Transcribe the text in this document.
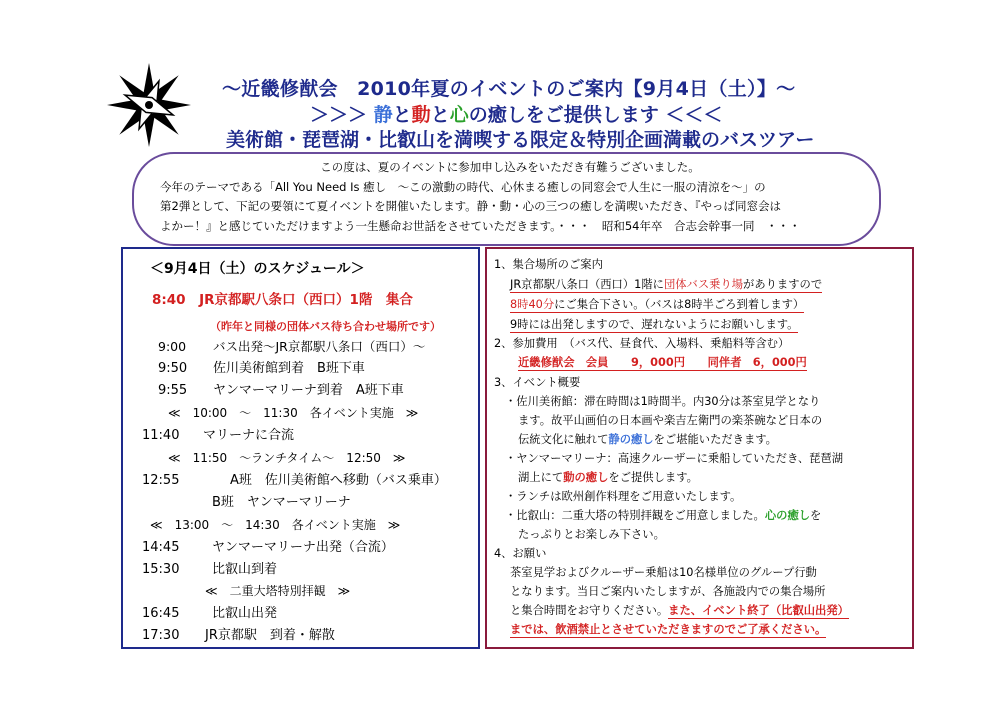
～近畿修猷会　2010年夏のイベントのご案内【9月4日（土）】～
＞＞＞ 静と動と心の癒しをご提供します ＜＜＜
美術館・琵琶湖・比叡山を満喫する限定＆特別企画満載のバスツアー
この度は、夏のイベントに参加申し込みをいただき有難うございました。
今年のテーマである「All You Need Is 癒し　～この激動の時代、心休まる癒しの同窓会で人生に一服の清涼を～」の
第2弾として、下記の要領にて夏イベントを開催いたします。静・動・心の三つの癒しを満喫いただき、『やっぱ同窓会は
よかー！』と感じていただけますよう一生懸命お世話をさせていただきます。・・・　昭和54年卒　合志会幹事一同　・・・
＜9月4日（土）のスケジュール＞
8:40　JR京都駅八条口（西口）1階　集合
（昨年と同様の団体バス待ち合わせ場所です）
9:00 バス出発～JR京都駅八条口（西口）～
9:50 佐川美術館到着　B班下車
9:55 ヤンマーマリーナ到着　A班下車
≪　10:00　～　11:30　各イベント実施　≫
11:40 マリーナに合流
≪　11:50　～ランチタイム～　12:50　≫
12:55	A班　佐川美術館へ移動（バス乗車）
B班　ヤンマーマリーナ
≪　13:00　～　14:30　各イベント実施　≫
14:45	ヤンマーマリーナ出発（合流）
15:30	比叡山到着
≪　二重大塔特別拝観　≫
16:45	比叡山出発
17:30 JR京都駅　到着・解散
1、集合場所のご案内
JR京都駅八条口（西口）1階に団体バス乗り場がありますので
8時40分にご集合下さい。（バスは8時半ごろ到着します）
9時には出発しますので、遅れないようにお願いします。
2、参加費用　（バス代、昼食代、入場料、乗船料等含む）
近畿修猷会　会員　　9，000円　　同伴者　6，000円
3、イベント概要
・佐川美術館：滞在時間は1時間半。内30分は茶室見学となり
ます。故平山画伯の日本画や楽吉左衛門の楽茶碗など日本の
伝統文化に触れて静の癒しをご堪能いただきます。
・ヤンマーマリーナ：高速クルーザーに乗船していただき、琵琶湖
湖上にて動の癒しをご提供します。
・ランチは欧州創作料理をご用意いたします。
・比叡山：二重大塔の特別拝観をご用意しました。心の癒しを
たっぷりとお楽しみ下さい。
4、お願い
茶室見学およびクルーザー乗船は10名様単位のグループ行動
となります。当日ご案内いたしますが、各施設内での集合場所
と集合時間をお守りください。また、イベント終了（比叡山出発）
までは、飲酒禁止とさせていただきますのでご了承ください。
